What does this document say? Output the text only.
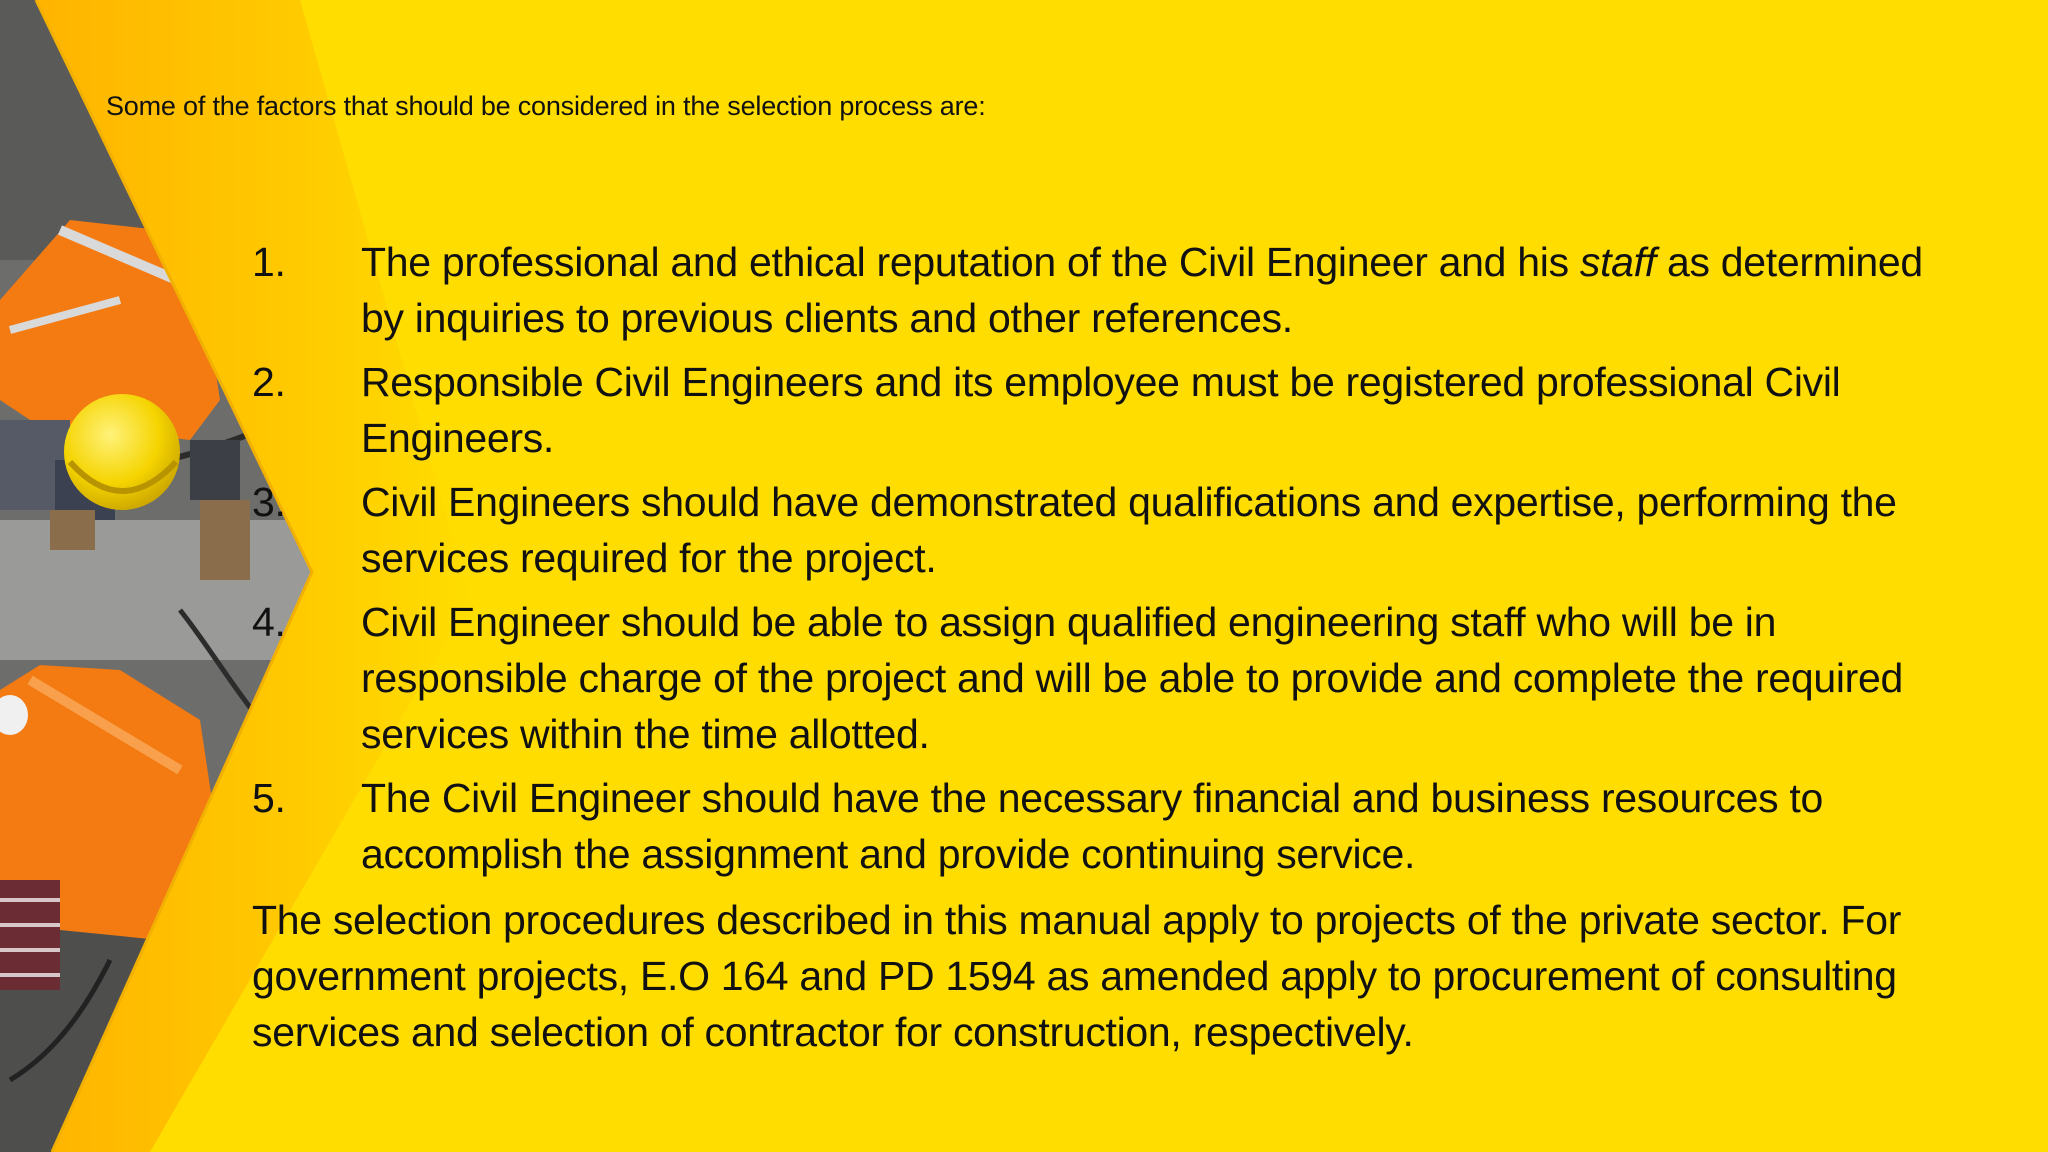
Some of the factors that should be considered in the selection process are:
1. The professional and ethical reputation of the Civil Engineer and his staff as determined by inquiries to previous clients and other references.
2. Responsible Civil Engineers and its employee must be registered professional Civil Engineers.
3. Civil Engineers should have demonstrated qualifications and expertise, performing the services required for the project.
4. Civil Engineer should be able to assign qualified engineering staff who will be in responsible charge of the project and will be able to provide and complete the required services within the time allotted.
5. The Civil Engineer should have the necessary financial and business resources to accomplish the assignment and provide continuing service.

The selection procedures described in this manual apply to projects of the private sector. For government projects, E.O 164 and PD 1594 as amended apply to procurement of consulting services and selection of contractor for construction, respectively.
